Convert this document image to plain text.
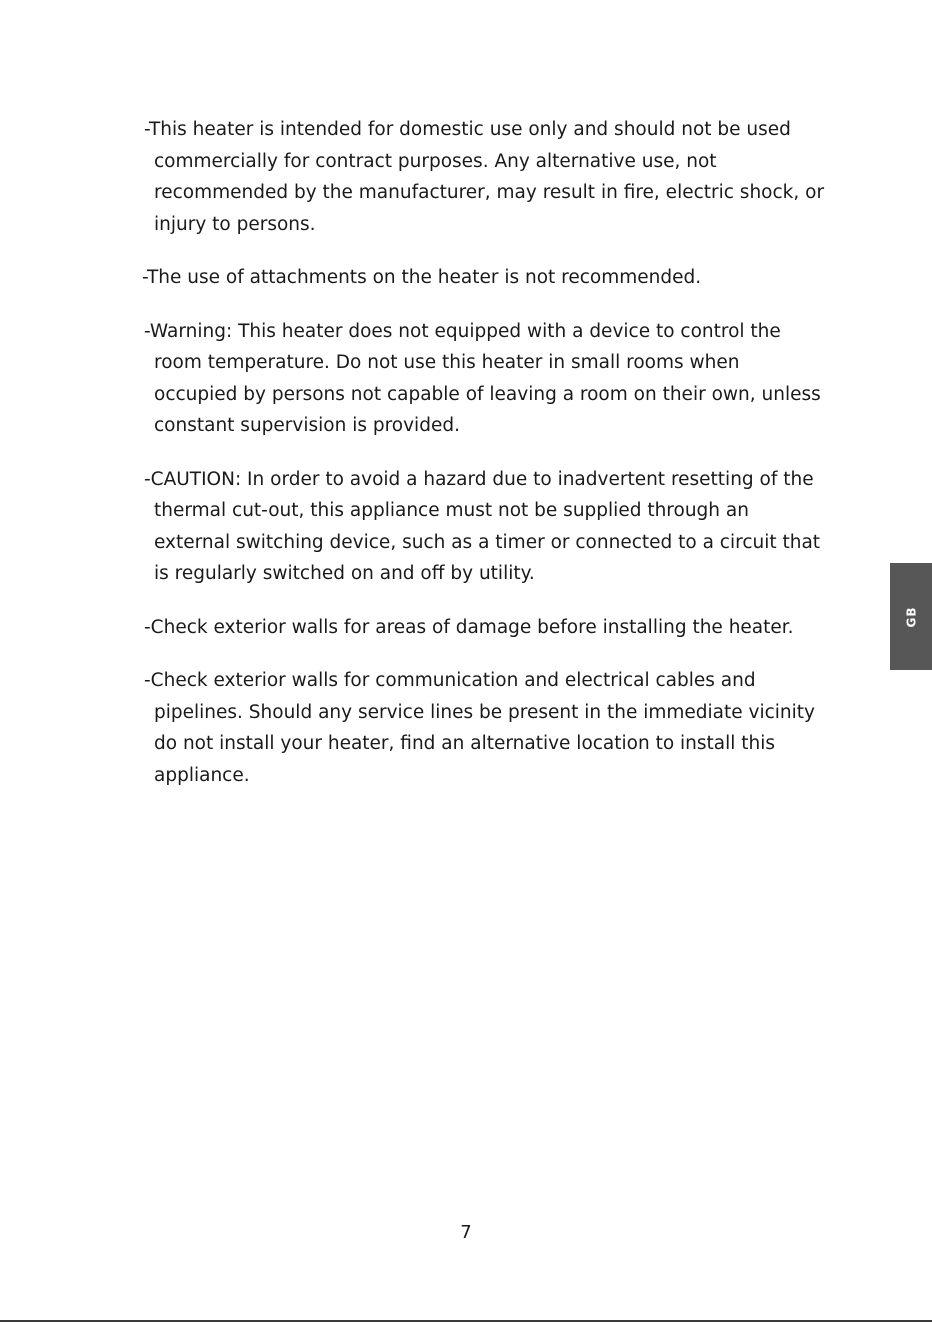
-This heater is intended for domestic use only and should not be used
commercially for contract purposes. Any alternative use, not
recommended by the manufacturer, may result in fire, electric shock, or
injury to persons.
-The use of attachments on the heater is not recommended.
-Warning: This heater does not equipped with a device to control the
room temperature. Do not use this heater in small rooms when
occupied by persons not capable of leaving a room on their own, unless
constant supervision is provided.
-CAUTION: In order to avoid a hazard due to inadvertent resetting of the
thermal cut-out, this appliance must not be supplied through an
external switching device, such as a timer or connected to a circuit that
is regularly switched on and off by utility.
-Check exterior walls for areas of damage before installing the heater.
-Check exterior walls for communication and electrical cables and
pipelines. Should any service lines be present in the immediate vicinity
do not install your heater, find an alternative location to install this
appliance.
GB
7
